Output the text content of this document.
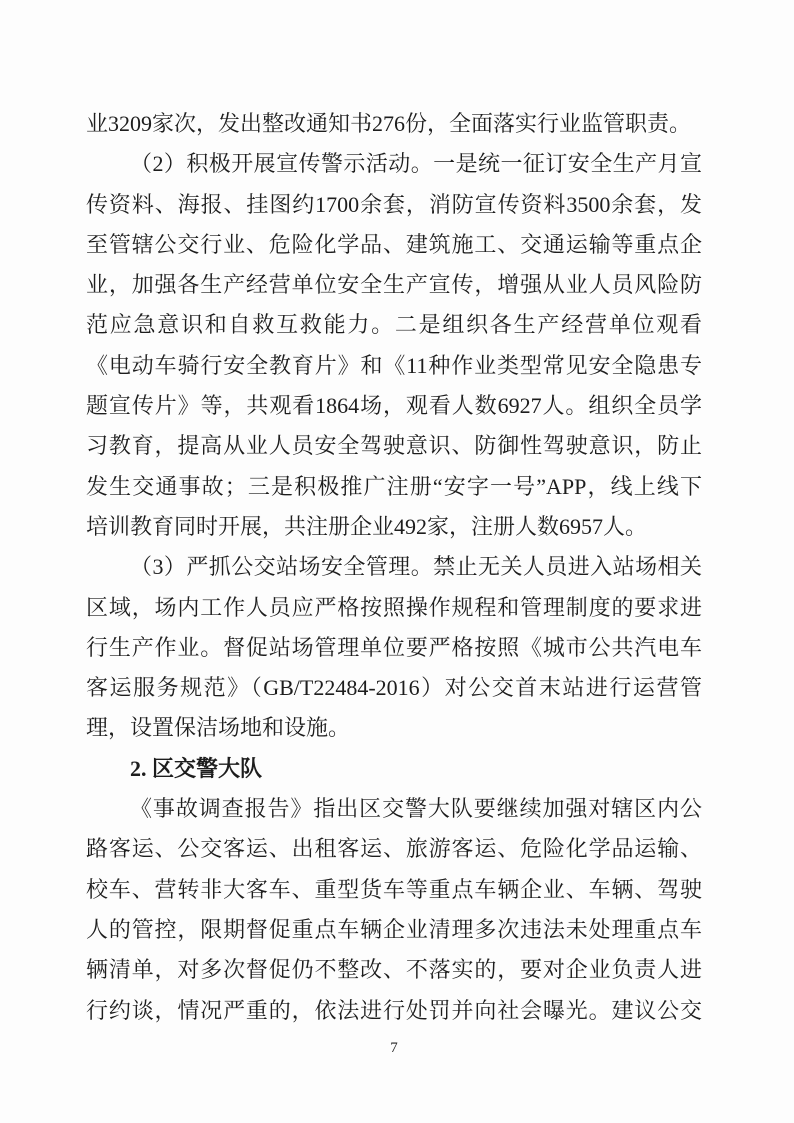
业3209家次，发出整改通知书276份，全面落实行业监管职责。
（2）积极开展宣传警示活动。一是统一征订安全生产月宣
传资料、海报、挂图约1700余套，消防宣传资料3500余套，发
至管辖公交行业、危险化学品、建筑施工、交通运输等重点企
业，加强各生产经营单位安全生产宣传，增强从业人员风险防
范应急意识和自救互救能力。二是组织各生产经营单位观看
《电动车骑行安全教育片》和《11种作业类型常见安全隐患专
题宣传片》等，共观看1864场，观看人数6927人。组织全员学
习教育，提高从业人员安全驾驶意识、防御性驾驶意识，防止
发生交通事故；三是积极推广注册“安字一号”APP，线上线下
培训教育同时开展，共注册企业492家，注册人数6957人。
（3）严抓公交站场安全管理。禁止无关人员进入站场相关
区域，场内工作人员应严格按照操作规程和管理制度的要求进
行生产作业。督促站场管理单位要严格按照《城市公共汽电车
客运服务规范》（GB/T22484-2016）对公交首末站进行运营管
理，设置保洁场地和设施。
2. 区交警大队
《事故调查报告》指出区交警大队要继续加强对辖区内公
路客运、公交客运、出租客运、旅游客运、危险化学品运输、
校车、营转非大客车、重型货车等重点车辆企业、车辆、驾驶
人的管控，限期督促重点车辆企业清理多次违法未处理重点车
辆清单，对多次督促仍不整改、不落实的，要对企业负责人进
行约谈，情况严重的，依法进行处罚并向社会曝光。建议公交
7
